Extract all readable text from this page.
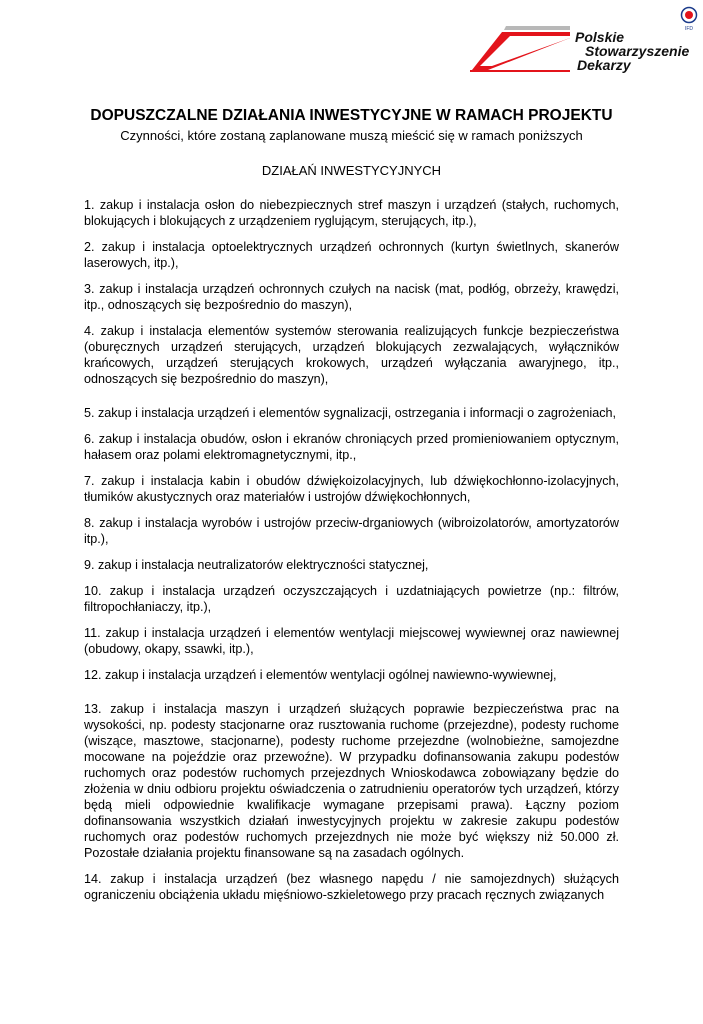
Polskie
Stowarzyszenie
Dekarzy
IFD
DOPUSZCZALNE DZIAŁANIA INWESTYCYJNE W RAMACH PROJEKTU
Czynności, które zostaną zaplanowane muszą mieścić się w ramach poniższych
DZIAŁAŃ INWESTYCYJNYCH

1. zakup i instalacja osłon do niebezpiecznych stref maszyn i urządzeń (stałych, ruchomych, blokujących i blokujących z urządzeniem ryglującym, sterujących, itp.),

2. zakup i instalacja optoelektrycznych urządzeń ochronnych (kurtyn świetlnych, skanerów laserowych, itp.),

3. zakup i instalacja urządzeń ochronnych czułych na nacisk (mat, podłóg, obrzeży, krawędzi, itp., odnoszących się bezpośrednio do maszyn),

4. zakup i instalacja elementów systemów sterowania realizujących funkcje bezpieczeństwa (oburęcznych urządzeń sterujących, urządzeń blokujących zezwalających, wyłączników krańcowych, urządzeń sterujących krokowych, urządzeń wyłączania awaryjnego, itp., odnoszących się bezpośrednio do maszyn),

5. zakup i instalacja urządzeń i elementów sygnalizacji, ostrzegania i informacji o zagrożeniach,

6. zakup i instalacja obudów, osłon i ekranów chroniących przed promieniowaniem optycznym, hałasem oraz polami elektromagnetycznymi, itp.,

7. zakup i instalacja kabin i obudów dźwiękoizolacyjnych, lub dźwiękochłonno-izolacyjnych, tłumików akustycznych oraz materiałów i ustrojów dźwiękochłonnych,

8. zakup i instalacja wyrobów i ustrojów przeciw-drganiowych (wibroizolatorów, amortyzatorów itp.),

9. zakup i instalacja neutralizatorów elektryczności statycznej,

10. zakup i instalacja urządzeń oczyszczających i uzdatniających powietrze (np.: filtrów, filtropochłaniaczy, itp.),

11. zakup i instalacja urządzeń i elementów wentylacji miejscowej wywiewnej oraz nawiewnej (obudowy, okapy, ssawki, itp.),

12. zakup i instalacja urządzeń i elementów wentylacji ogólnej nawiewno-wywiewnej,

13. zakup i instalacja maszyn i urządzeń służących poprawie bezpieczeństwa prac na wysokości, np. podesty stacjonarne oraz rusztowania ruchome (przejezdne), podesty ruchome (wiszące, masztowe, stacjonarne), podesty ruchome przejezdne (wolnobieżne, samojezdne mocowane na pojeździe oraz przewoźne). W przypadku dofinansowania zakupu podestów ruchomych oraz podestów ruchomych przejezdnych Wnioskodawca zobowiązany będzie do złożenia w dniu odbioru projektu oświadczenia o zatrudnieniu operatorów tych urządzeń, którzy będą mieli odpowiednie kwalifikacje wymagane przepisami prawa). Łączny poziom dofinansowania wszystkich działań inwestycyjnych projektu w zakresie zakupu podestów ruchomych oraz podestów ruchomych przejezdnych nie może być większy niż 50.000 zł. Pozostałe działania projektu finansowane są na zasadach ogólnych.

14. zakup i instalacja urządzeń (bez własnego napędu / nie samojezdnych) służących ograniczeniu obciążenia układu mięśniowo-szkieletowego przy pracach ręcznych związanych
